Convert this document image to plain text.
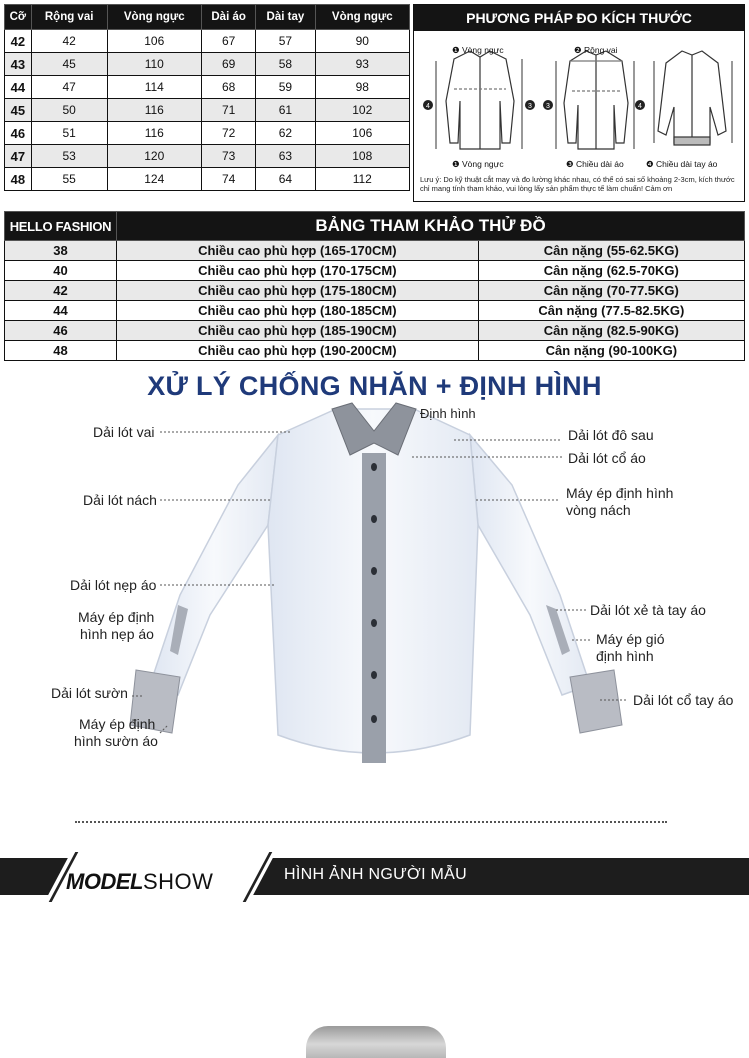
Cỡ	Rộng vai	Vòng ngực	Dài áo	Dài tay	Vòng ngực
42	42	106	67	57	90
43	45	110	69	58	93
44	47	114	68	59	98
45	50	116	71	61	102
46	51	116	72	62	106
47	53	120	73	63	108
48	55	124	74	64	112
PHƯƠNG PHÁP ĐO KÍCH THƯỚC
4	3 3	4
❶ Vòng ngực	❷ Rộng vai
❶ Vòng ngực	❸ Chiều dài áo	❹ Chiều dài tay áo
Lưu ý: Do kỹ thuật cắt may và đo lường khác nhau, có thể có sai số khoảng 2-3cm, kích thước chỉ mang tính tham khảo, vui lòng lấy sản phẩm thực tế làm chuẩn! Cảm ơn
HELLO FASHION	BẢNG THAM KHẢO THỬ ĐỒ	
38	Chiều cao phù hợp (165-170CM)	Cân nặng (55-62.5KG)
40	Chiều cao phù hợp (170-175CM)	Cân nặng (62.5-70KG)
42	Chiều cao phù hợp (175-180CM)	Cân nặng (70-77.5KG)
44	Chiều cao phù hợp (180-185CM)	Cân nặng (77.5-82.5KG)
46	Chiều cao phù hợp (185-190CM)	Cân nặng (82.5-90KG)
48	Chiều cao phù hợp (190-200CM)	Cân nặng (90-100KG)
XỬ LÝ CHỐNG NHĂN + ĐỊNH HÌNH
Định hình
Dải lót vai
Dải lót nách
Dải lót nẹp áo
Máy ép định
hình nẹp áo
Dải lót sườn
Máy ép định
hình sườn áo
Dải lót đô sau
Dải lót cổ áo
Máy ép định hình
vòng nách
Dải lót xẻ tà tay áo
Máy ép gió
định hình
Dải lót cổ tay áo
MODELSHOW	HÌNH ẢNH NGƯỜI MẪU
